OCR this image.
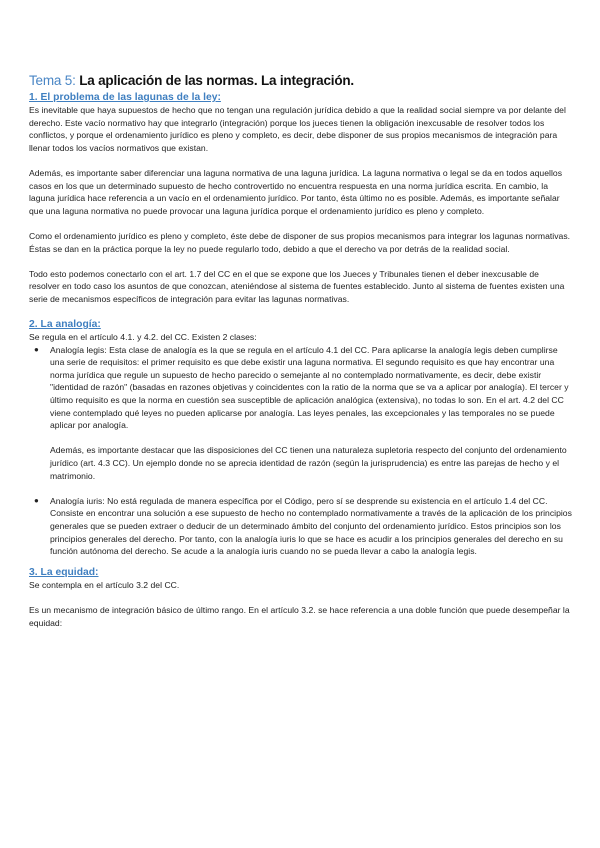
Tema 5: La aplicación de las normas. La integración.
1. El problema de las lagunas de la ley:

Es inevitable que haya supuestos de hecho que no tengan una regulación jurídica debido a que la realidad social siempre va por delante del derecho. Este vacío normativo hay que integrarlo (integración) porque los jueces tienen la obligación inexcusable de resolver todos los conflictos, y porque el ordenamiento jurídico es pleno y completo, es decir, debe disponer de sus propios mecanismos de integración para llenar todos los vacíos normativos que existan.

Además, es importante saber diferenciar una laguna normativa de una laguna jurídica. La laguna normativa o legal se da en todos aquellos casos en los que un determinado supuesto de hecho controvertido no encuentra respuesta en una norma jurídica escrita. En cambio, la laguna jurídica hace referencia a un vacío en el ordenamiento jurídico. Por tanto, ésta último no es posible. Además, es importante señalar que una laguna normativa no puede provocar una laguna jurídica porque el ordenamiento jurídico es pleno y completo.

Como el ordenamiento jurídico es pleno y completo, éste debe de disponer de sus propios mecanismos para integrar los lagunas normativas. Éstas se dan en la práctica porque la ley no puede regularlo todo, debido a que el derecho va por detrás de la realidad social.

Todo esto podemos conectarlo con el art. 1.7 del CC en el que se expone que los Jueces y Tribunales tienen el deber inexcusable de resolver en todo caso los asuntos de que conozcan, ateniéndose al sistema de fuentes establecido. Junto al sistema de fuentes existen una serie de mecanismos específicos de integración para evitar las lagunas normativas.

2. La analogía:

Se regula en el artículo 4.1. y 4.2. del CC. Existen 2 clases:

● Analogía legis: Esta clase de analogía es la que se regula en el artículo 4.1 del CC. Para aplicarse la analogía legis deben cumplirse una serie de requisitos: el primer requisito es que debe existir una laguna normativa. El segundo requisito es que hay encontrar una norma jurídica que regule un supuesto de hecho parecido o semejante al no contemplado normativamente, es decir, debe existir "identidad de razón" (basadas en razones objetivas y coincidentes con la ratio de la norma que se va a aplicar por analogía). El tercer y último requisito es que la norma en cuestión sea susceptible de aplicación analógica (extensiva), no todas lo son. En el art. 4.2 del CC viene contemplado qué leyes no pueden aplicarse por analogía. Las leyes penales, las excepcionales y las temporales no se puede aplicar por analogía.

Además, es importante destacar que las disposiciones del CC tienen una naturaleza supletoria respecto del conjunto del ordenamiento jurídico (art. 4.3 CC). Un ejemplo donde no se aprecia identidad de razón (según la jurisprudencia) es entre las parejas de hecho y el matrimonio.

● Analogía iuris: No está regulada de manera específica por el Código, pero sí se desprende su existencia en el artículo 1.4 del CC. Consiste en encontrar una solución a ese supuesto de hecho no contemplado normativamente a través de la aplicación de los principios generales que se pueden extraer o deducir de un determinado ámbito del conjunto del ordenamiento jurídico. Estos principios son los principios generales del derecho. Por tanto, con la analogía iuris lo que se hace es acudir a los principios generales del derecho en su función autónoma del derecho. Se acude a la analogía iuris cuando no se pueda llevar a cabo la analogía legis.
3. La equidad:

Se contempla en el artículo 3.2 del CC.

Es un mecanismo de integración básico de último rango. En el artículo 3.2. se hace referencia a una doble función que puede desempeñar la equidad:
